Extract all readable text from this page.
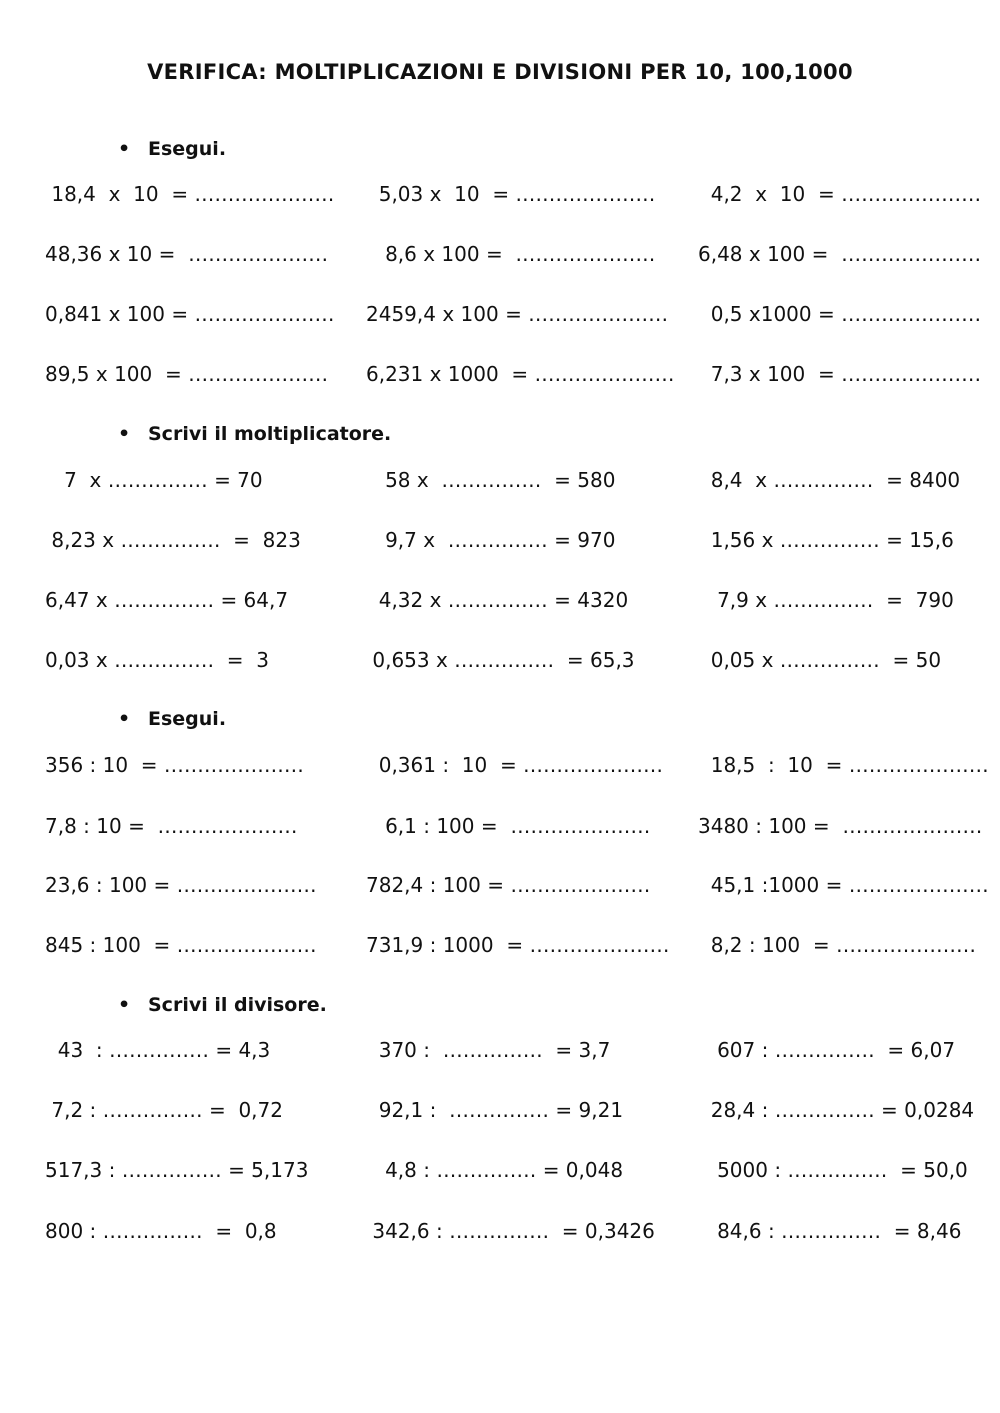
VERIFICA: MOLTIPLICAZIONI E DIVISIONI PER 10, 100,1000
• Esegui.
18,4  x  10  = ………………… 5,03 x  10  = ………………… 4,2  x  10  = …………………
48,36 x 10 =  ………………… 8,6 x 100 =  ………………… 6,48 x 100 =  …………………
0,841 x 100 = ………………… 2459,4 x 100 = ………………… 0,5 x1000 = …………………
89,5 x 100  = ………………… 6,231 x 1000  = ………………… 7,3 x 100  = …………………
• Scrivi il moltiplicatore.
7  x …………… = 70	58 x  ……………  = 580	8,4  x ……………  = 8400
8,23 x ……………  =  823	9,7 x  …………… = 970	1,56 x …………… = 15,6
6,47 x …………… = 64,7	4,32 x …………… = 4320	7,9 x ……………  =  790
0,03 x ……………  =  3	0,653 x ……………  = 65,3	0,05 x ……………  = 50
• Esegui.
356 : 10  = …………………	0,361 :  10  = ………………… 18,5  :  10  = …………………
7,8 : 10 =  …………………	6,1 : 100 =  ………………… 3480 : 100 =  …………………
23,6 : 100 = ………………… 782,4 : 100 = ………………… 45,1 :1000 = …………………
845 : 100  = ………………… 731,9 : 1000  = ………………… 8,2 : 100  = …………………
• Scrivi il divisore.
43  : …………… = 4,3	370 :  ……………  = 3,7	607 : ……………  = 6,07
7,2 : …………… =  0,72	92,1 :  …………… = 9,21	28,4 : …………… = 0,0284
517,3 : …………… = 5,173	4,8 : …………… = 0,048	5000 : ……………  = 50,0
800 : ……………  =  0,8	342,6 : ……………  = 0,3426 84,6 : ……………  = 8,46
